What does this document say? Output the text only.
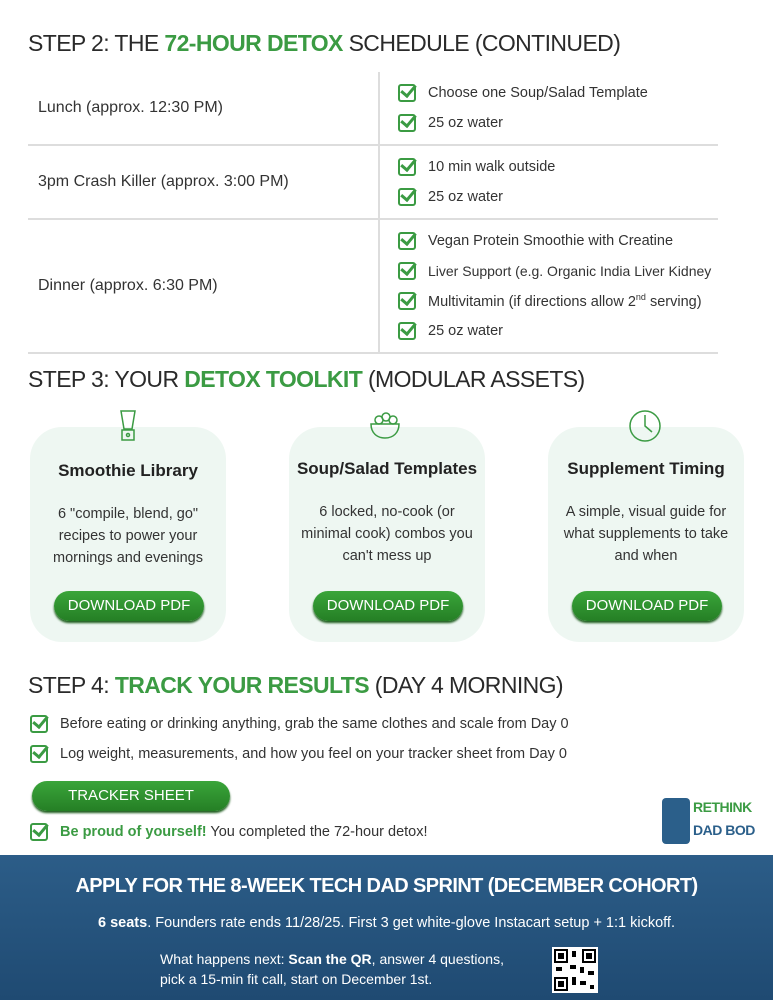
STEP 2: THE 72-HOUR DETOX SCHEDULE (CONTINUED)
Lunch (approx. 12:30 PM)	Choose one Soup/Salad Template
25 oz water

3pm Crash Killer (approx. 3:00 PM)	10 min walk outside
25 oz water

Dinner (approx. 6:30 PM)	Vegan Protein Smoothie with Creatine
Liver Support (e.g. Organic India Liver Kidney
Multivitamin (if directions allow 2nd serving)
25 oz water
STEP 3: YOUR DETOX TOOLKIT (MODULAR ASSETS)
Smoothie Library
6 "compile, blend, go" recipes to power your mornings and evenings
DOWNLOAD PDF
Soup/Salad Templates
6 locked, no-cook (or minimal cook) combos you can't mess up
DOWNLOAD PDF
Supplement Timing
A simple, visual guide for what supplements to take and when
DOWNLOAD PDF
STEP 4: TRACK YOUR RESULTS (DAY 4 MORNING)
Before eating or drinking anything, grab the same clothes and scale from Day 0
Log weight, measurements, and how you feel on your tracker sheet from Day 0
TRACKER SHEET
Be proud of yourself! You completed the 72-hour detox!
RETHINK
DAD BOD
APPLY FOR THE 8-WEEK TECH DAD SPRINT (DECEMBER COHORT)
6 seats. Founders rate ends 11/28/25. First 3 get white-glove Instacart setup + 1:1 kickoff.
What happens next: Scan the QR, answer 4 questions,
pick a 15-min fit call, start on December 1st.
